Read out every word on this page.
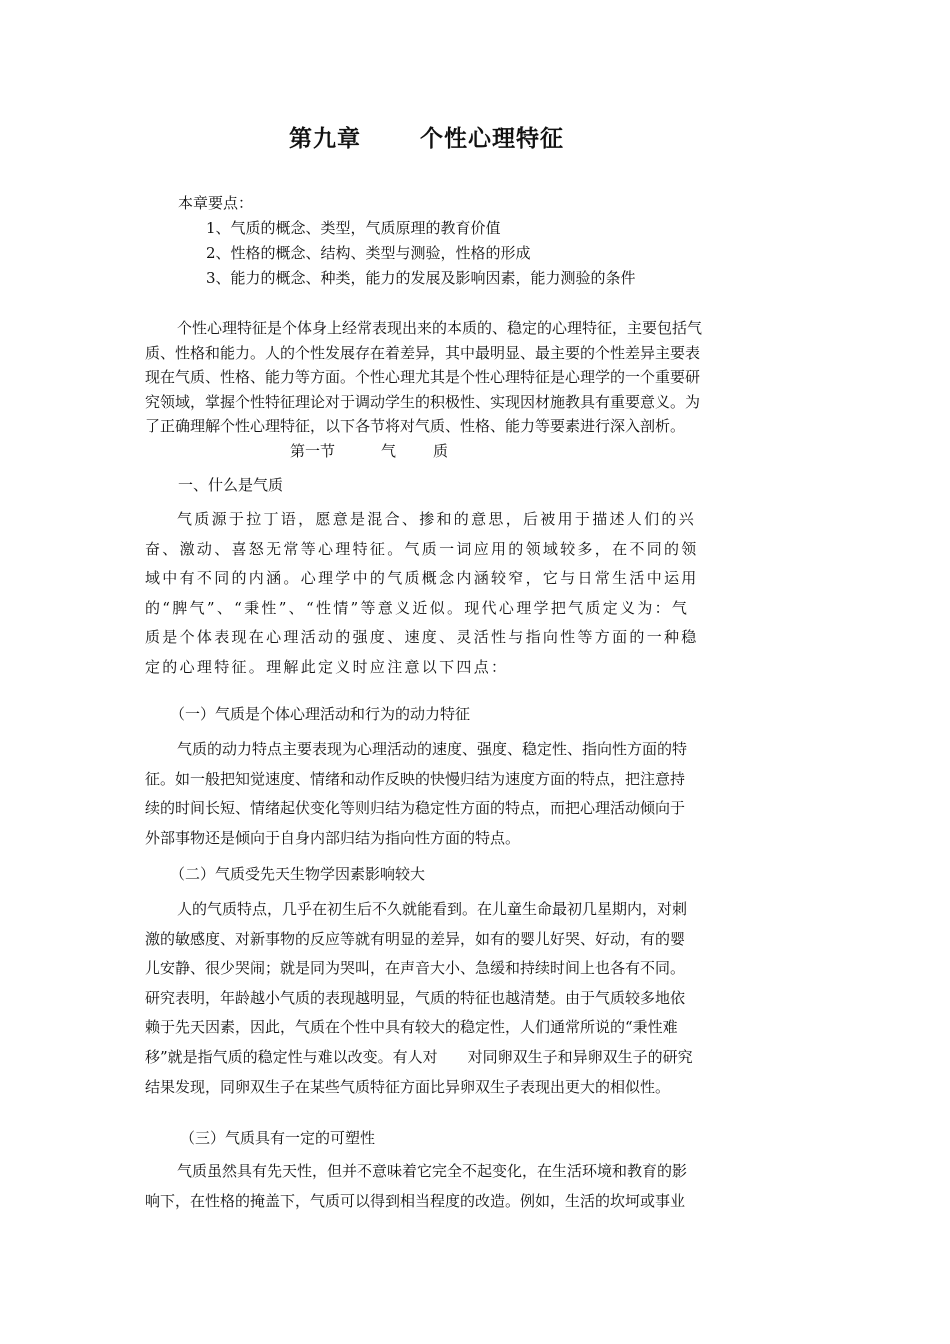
第九章	个性心理特征
本章要点：
1、气质的概念、类型，气质原理的教育价值
2、性格的概念、结构、类型与测验，性格的形成
3、能力的概念、种类，能力的发展及影响因素，能力测验的条件
个性心理特征是个体身上经常表现出来的本质的、稳定的心理特征，主要包括气
质、性格和能力。人的个性发展存在着差异，其中最明显、最主要的个性差异主要表
现在气质、性格、能力等方面。个性心理尤其是个性心理特征是心理学的一个重要研
究领域，掌握个性特征理论对于调动学生的积极性、实现因材施教具有重要意义。为
了正确理解个性心理特征，以下各节将对气质、性格、能力等要素进行深入剖析。
第一节	气 质
一、什么是气质
气质源于拉丁语，愿意是混合、掺和的意思，后被用于描述人们的兴
奋、激动、喜怒无常等心理特征。气质一词应用的领域较多，在不同的领
域中有不同的内涵。心理学中的气质概念内涵较窄，它与日常生活中运用
的“脾气”、“秉性”、“性情”等意义近似。现代心理学把气质定义为：气
质是个体表现在心理活动的强度、速度、灵活性与指向性等方面的一种稳
定的心理特征。理解此定义时应注意以下四点：
（一）气质是个体心理活动和行为的动力特征
气质的动力特点主要表现为心理活动的速度、强度、稳定性、指向性方面的特
征。如一般把知觉速度、情绪和动作反映的快慢归结为速度方面的特点，把注意持
续的时间长短、情绪起伏变化等则归结为稳定性方面的特点，而把心理活动倾向于
外部事物还是倾向于自身内部归结为指向性方面的特点。
（二）气质受先天生物学因素影响较大
人的气质特点，几乎在初生后不久就能看到。在儿童生命最初几星期内，对刺
激的敏感度、对新事物的反应等就有明显的差异，如有的婴儿好哭、好动，有的婴
儿安静、很少哭闹；就是同为哭叫，在声音大小、急缓和持续时间上也各有不同。
研究表明，年龄越小气质的表现越明显，气质的特征也越清楚。由于气质较多地依
赖于先天因素，因此，气质在个性中具有较大的稳定性，人们通常所说的“秉性难
移”就是指气质的稳定性与难以改变。有人对　　对同卵双生子和异卵双生子的研究
结果发现，同卵双生子在某些气质特征方面比异卵双生子表现出更大的相似性。
（三）气质具有一定的可塑性
气质虽然具有先天性，但并不意味着它完全不起变化，在生活环境和教育的影
响下，在性格的掩盖下，气质可以得到相当程度的改造。例如，生活的坎坷或事业
